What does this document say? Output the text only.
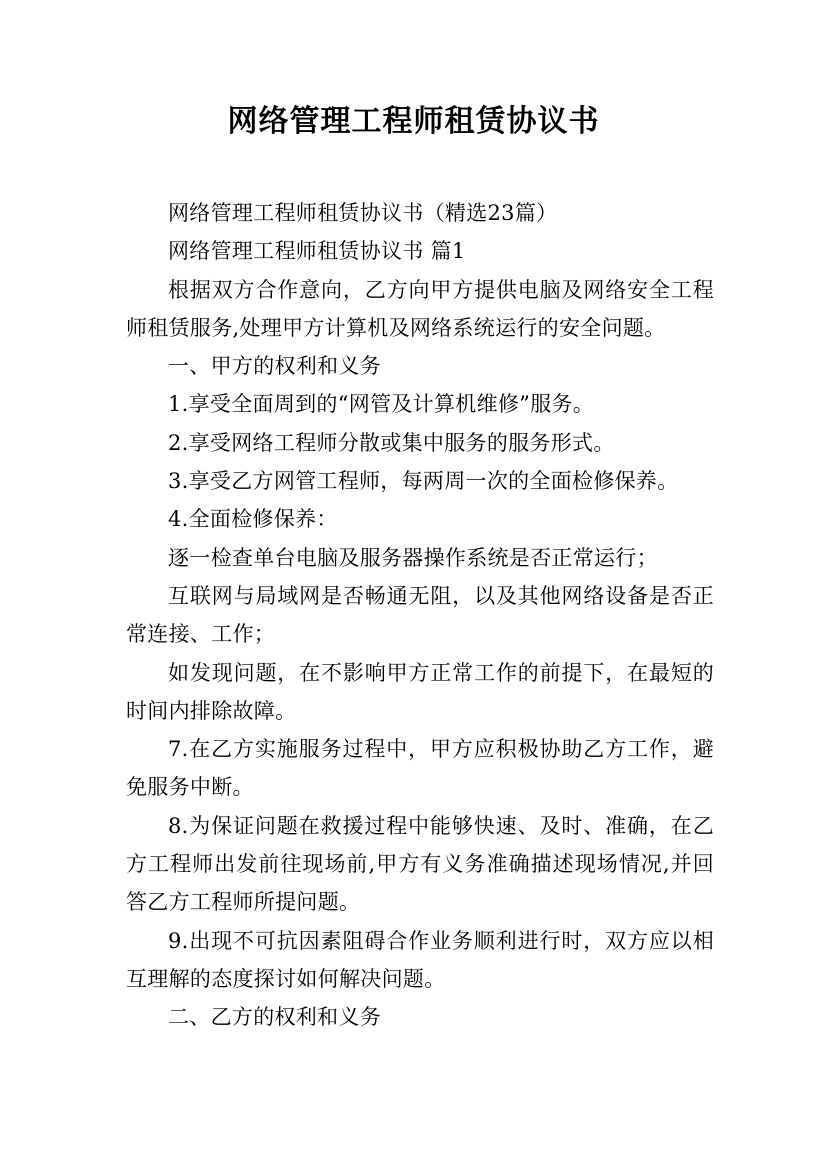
网络管理工程师租赁协议书

网络管理工程师租赁协议书（精选23篇）

网络管理工程师租赁协议书 篇1

根据双方合作意向，乙方向甲方提供电脑及网络安全工程师租赁服务,处理甲方计算机及网络系统运行的安全问题。

一、甲方的权利和义务

1.享受全面周到的“网管及计算机维修”服务。

2.享受网络工程师分散或集中服务的服务形式。

3.享受乙方网管工程师，每两周一次的全面检修保养。

4.全面检修保养：

逐一检查单台电脑及服务器操作系统是否正常运行；

互联网与局域网是否畅通无阻，以及其他网络设备是否正常连接、工作；

如发现问题，在不影响甲方正常工作的前提下，在最短的时间内排除故障。

7.在乙方实施服务过程中，甲方应积极协助乙方工作，避免服务中断。

8.为保证问题在救援过程中能够快速、及时、准确，在乙方工程师出发前往现场前,甲方有义务准确描述现场情况,并回答乙方工程师所提问题。

9.出现不可抗因素阻碍合作业务顺利进行时，双方应以相互理解的态度探讨如何解决问题。

二、乙方的权利和义务
